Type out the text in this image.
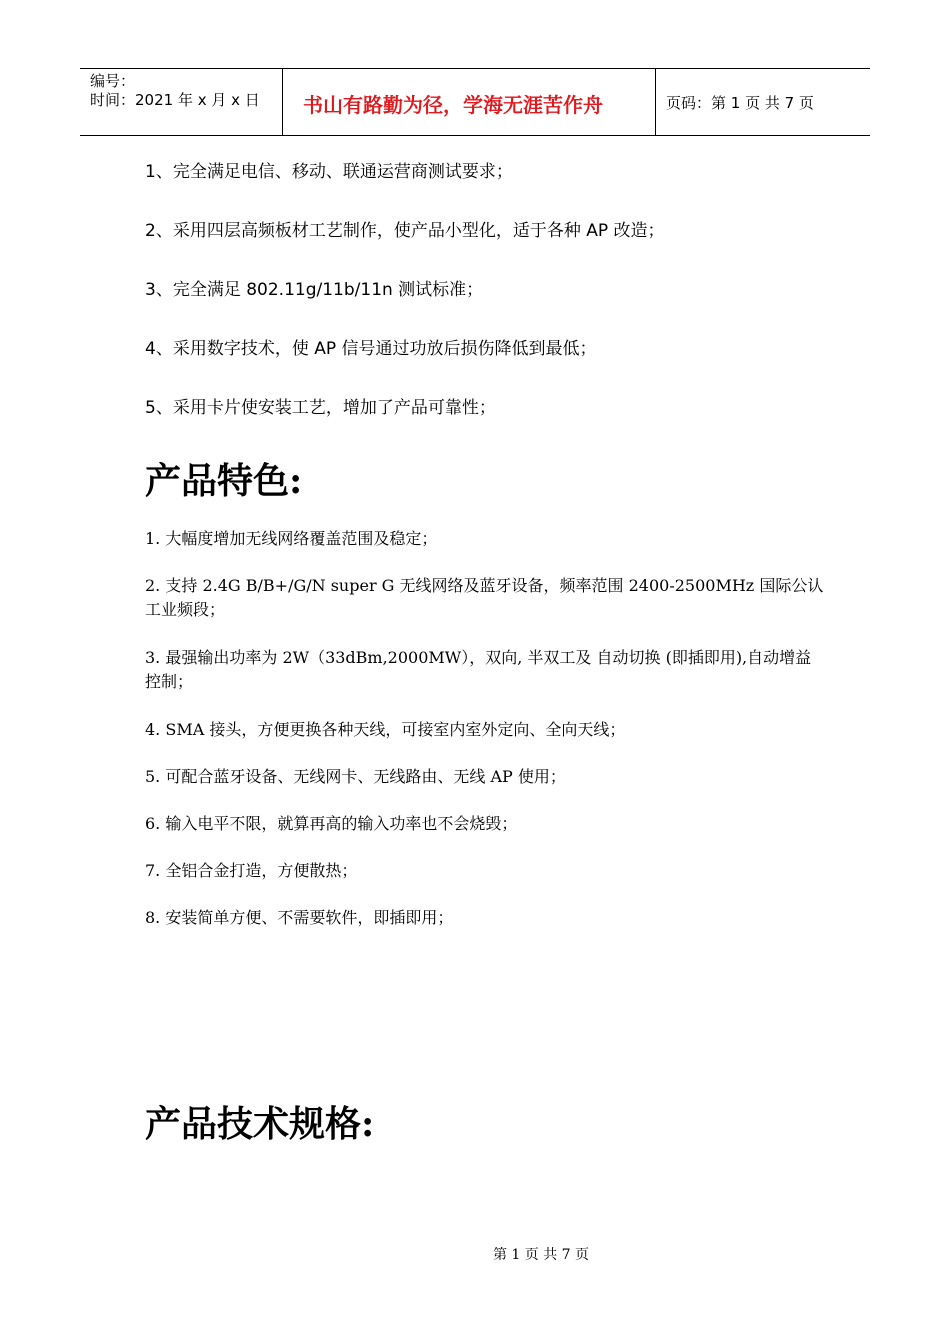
编号：
时间：2021 年 x 月 x 日 书山有路勤为径，学海无涯苦作舟	页码：第 1 页 共 7 页
1、完全满足电信、移动、联通运营商测试要求；
2、采用四层高频板材工艺制作，使产品小型化，适于各种 AP 改造；
3、完全满足 802.11g/11b/11n 测试标准；
4、采用数字技术，使 AP 信号通过功放后损伤降低到最低；
5、采用卡片使安装工艺，增加了产品可靠性；
产品特色:
1. 大幅度增加无线网络覆盖范围及稳定；
2. 支持 2.4G B/B+/G/N super G 无线网络及蓝牙设备，频率范围 2400-2500MHz 国际公认工业频段；
3. 最强输出功率为 2W（33dBm,2000MW），双向, 半双工及 自动切换 (即插即用),自动增益控制；
4. SMA 接头，方便更换各种天线，可接室内室外定向、全向天线；
5. 可配合蓝牙设备、无线网卡、无线路由、无线 AP 使用；
6. 输入电平不限，就算再高的输入功率也不会烧毁；
7. 全铝合金打造，方便散热；
8. 安装简单方便、不需要软件，即插即用；
产品技术规格:
第 1 页 共 7 页
